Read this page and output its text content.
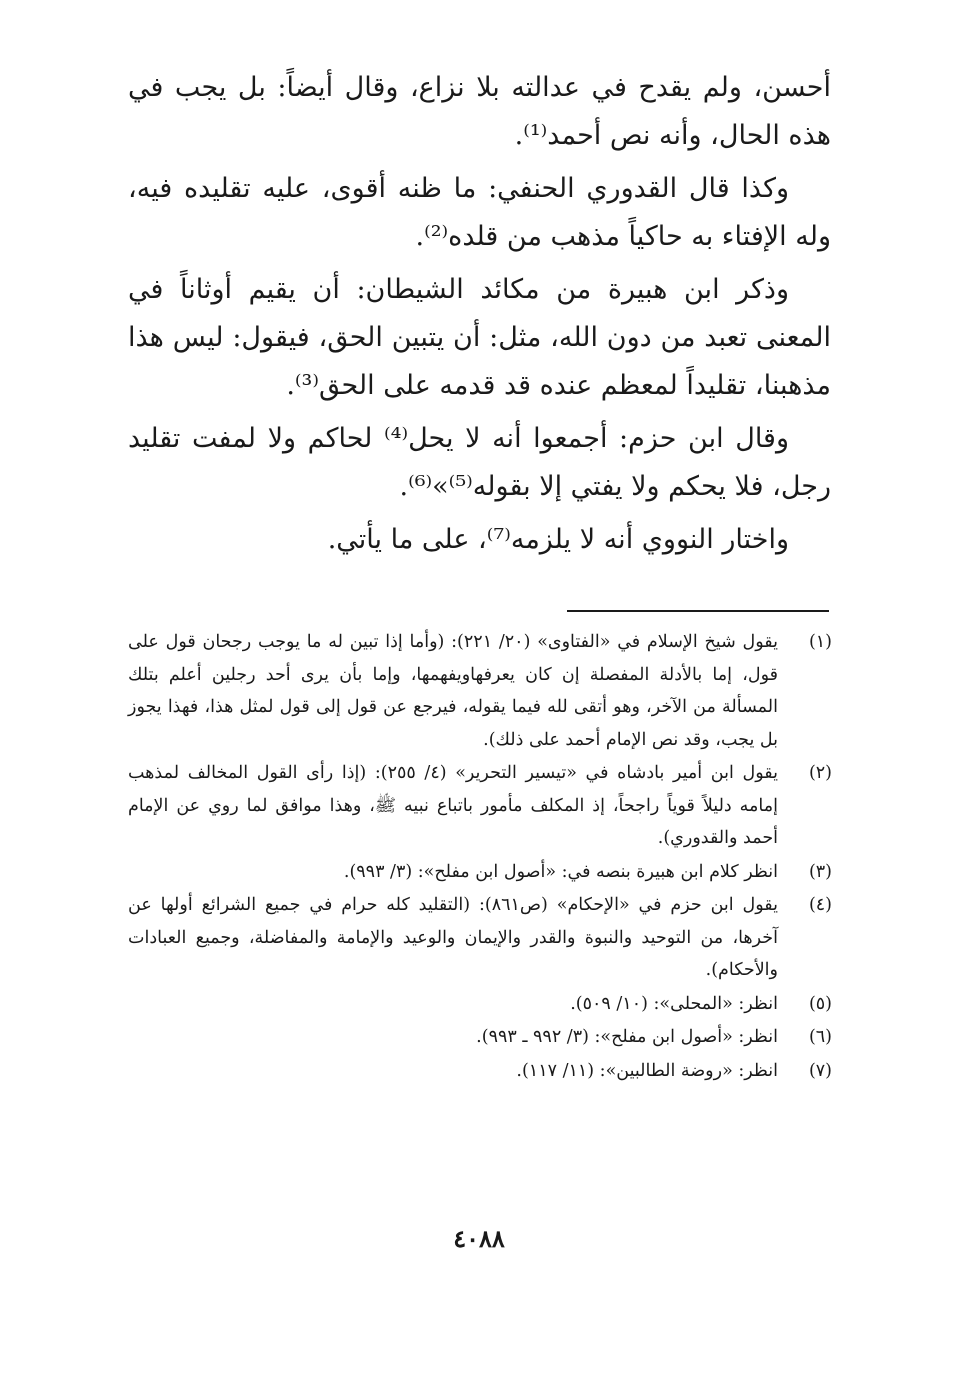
أحسن، ولم يقدح في عدالته بلا نزاع، وقال أيضاً: بل يجب في هذه الحال، وأنه نص أحمد⁽¹⁾.

وكذا قال القدوري الحنفي: ما ظنه أقوى، عليه تقليده فيه، وله الإفتاء به حاكياً مذهب من قلده⁽²⁾.

وذكر ابن هبيرة من مكائد الشيطان: أن يقيم أوثاناً في المعنى تعبد من دون الله، مثل: أن يتبين الحق، فيقول: ليس هذا مذهبنا، تقليداً لمعظم عنده قد قدمه على الحق⁽³⁾.

وقال ابن حزم: أجمعوا أنه لا يحل⁽⁴⁾ لحاكم ولا لمفت تقليد رجل، فلا يحكم ولا يفتي إلا بقوله⁽⁵⁾»⁽⁶⁾.

واختار النووي أنه لا يلزمه⁽⁷⁾، على ما يأتي.

(١)
يقول شيخ الإسلام في «الفتاوى» (٢٠/ ٢٢١): (وأما إذا تبين له ما يوجب رجحان قول على قول، إما بالأدلة المفصلة إن كان يعرفهاويفهمها، وإما بأن يرى أحد رجلين أعلم بتلك المسألة من الآخر، وهو أتقى لله فيما يقوله، فيرجع عن قول إلى قول لمثل هذا، فهذا يجوز بل يجب، وقد نص الإمام أحمد على ذلك).
(٢)
يقول ابن أمير بادشاه في «تيسير التحرير» (٤/ ٢٥٥): (إذا رأى القول المخالف لمذهب إمامه دليلاً قوياً راجحاً، إذ المكلف مأمور باتباع نبيه ﷺ، وهذا موافق لما روي عن الإمام أحمد والقدوري).
(٣)
انظر كلام ابن هبيرة بنصه في: «أصول ابن مفلح»: (٣/ ٩٩٣).
(٤)
يقول ابن حزم في «الإحكام» (ص٨٦١): (التقليد كله حرام في جميع الشرائع أولها عن آخرها، من التوحيد والنبوة والقدر والإيمان والوعيد والإمامة والمفاضلة، وجميع العبادات والأحكام).
(٥)
انظر: «المحلى»: (١٠/ ٥٠٩).
(٦)
انظر: «أصول ابن مفلح»: (٣/ ٩٩٢ ـ ٩٩٣).
(٧)
انظر: «روضة الطالبين»: (١١/ ١١٧).
٤٠٨٨
